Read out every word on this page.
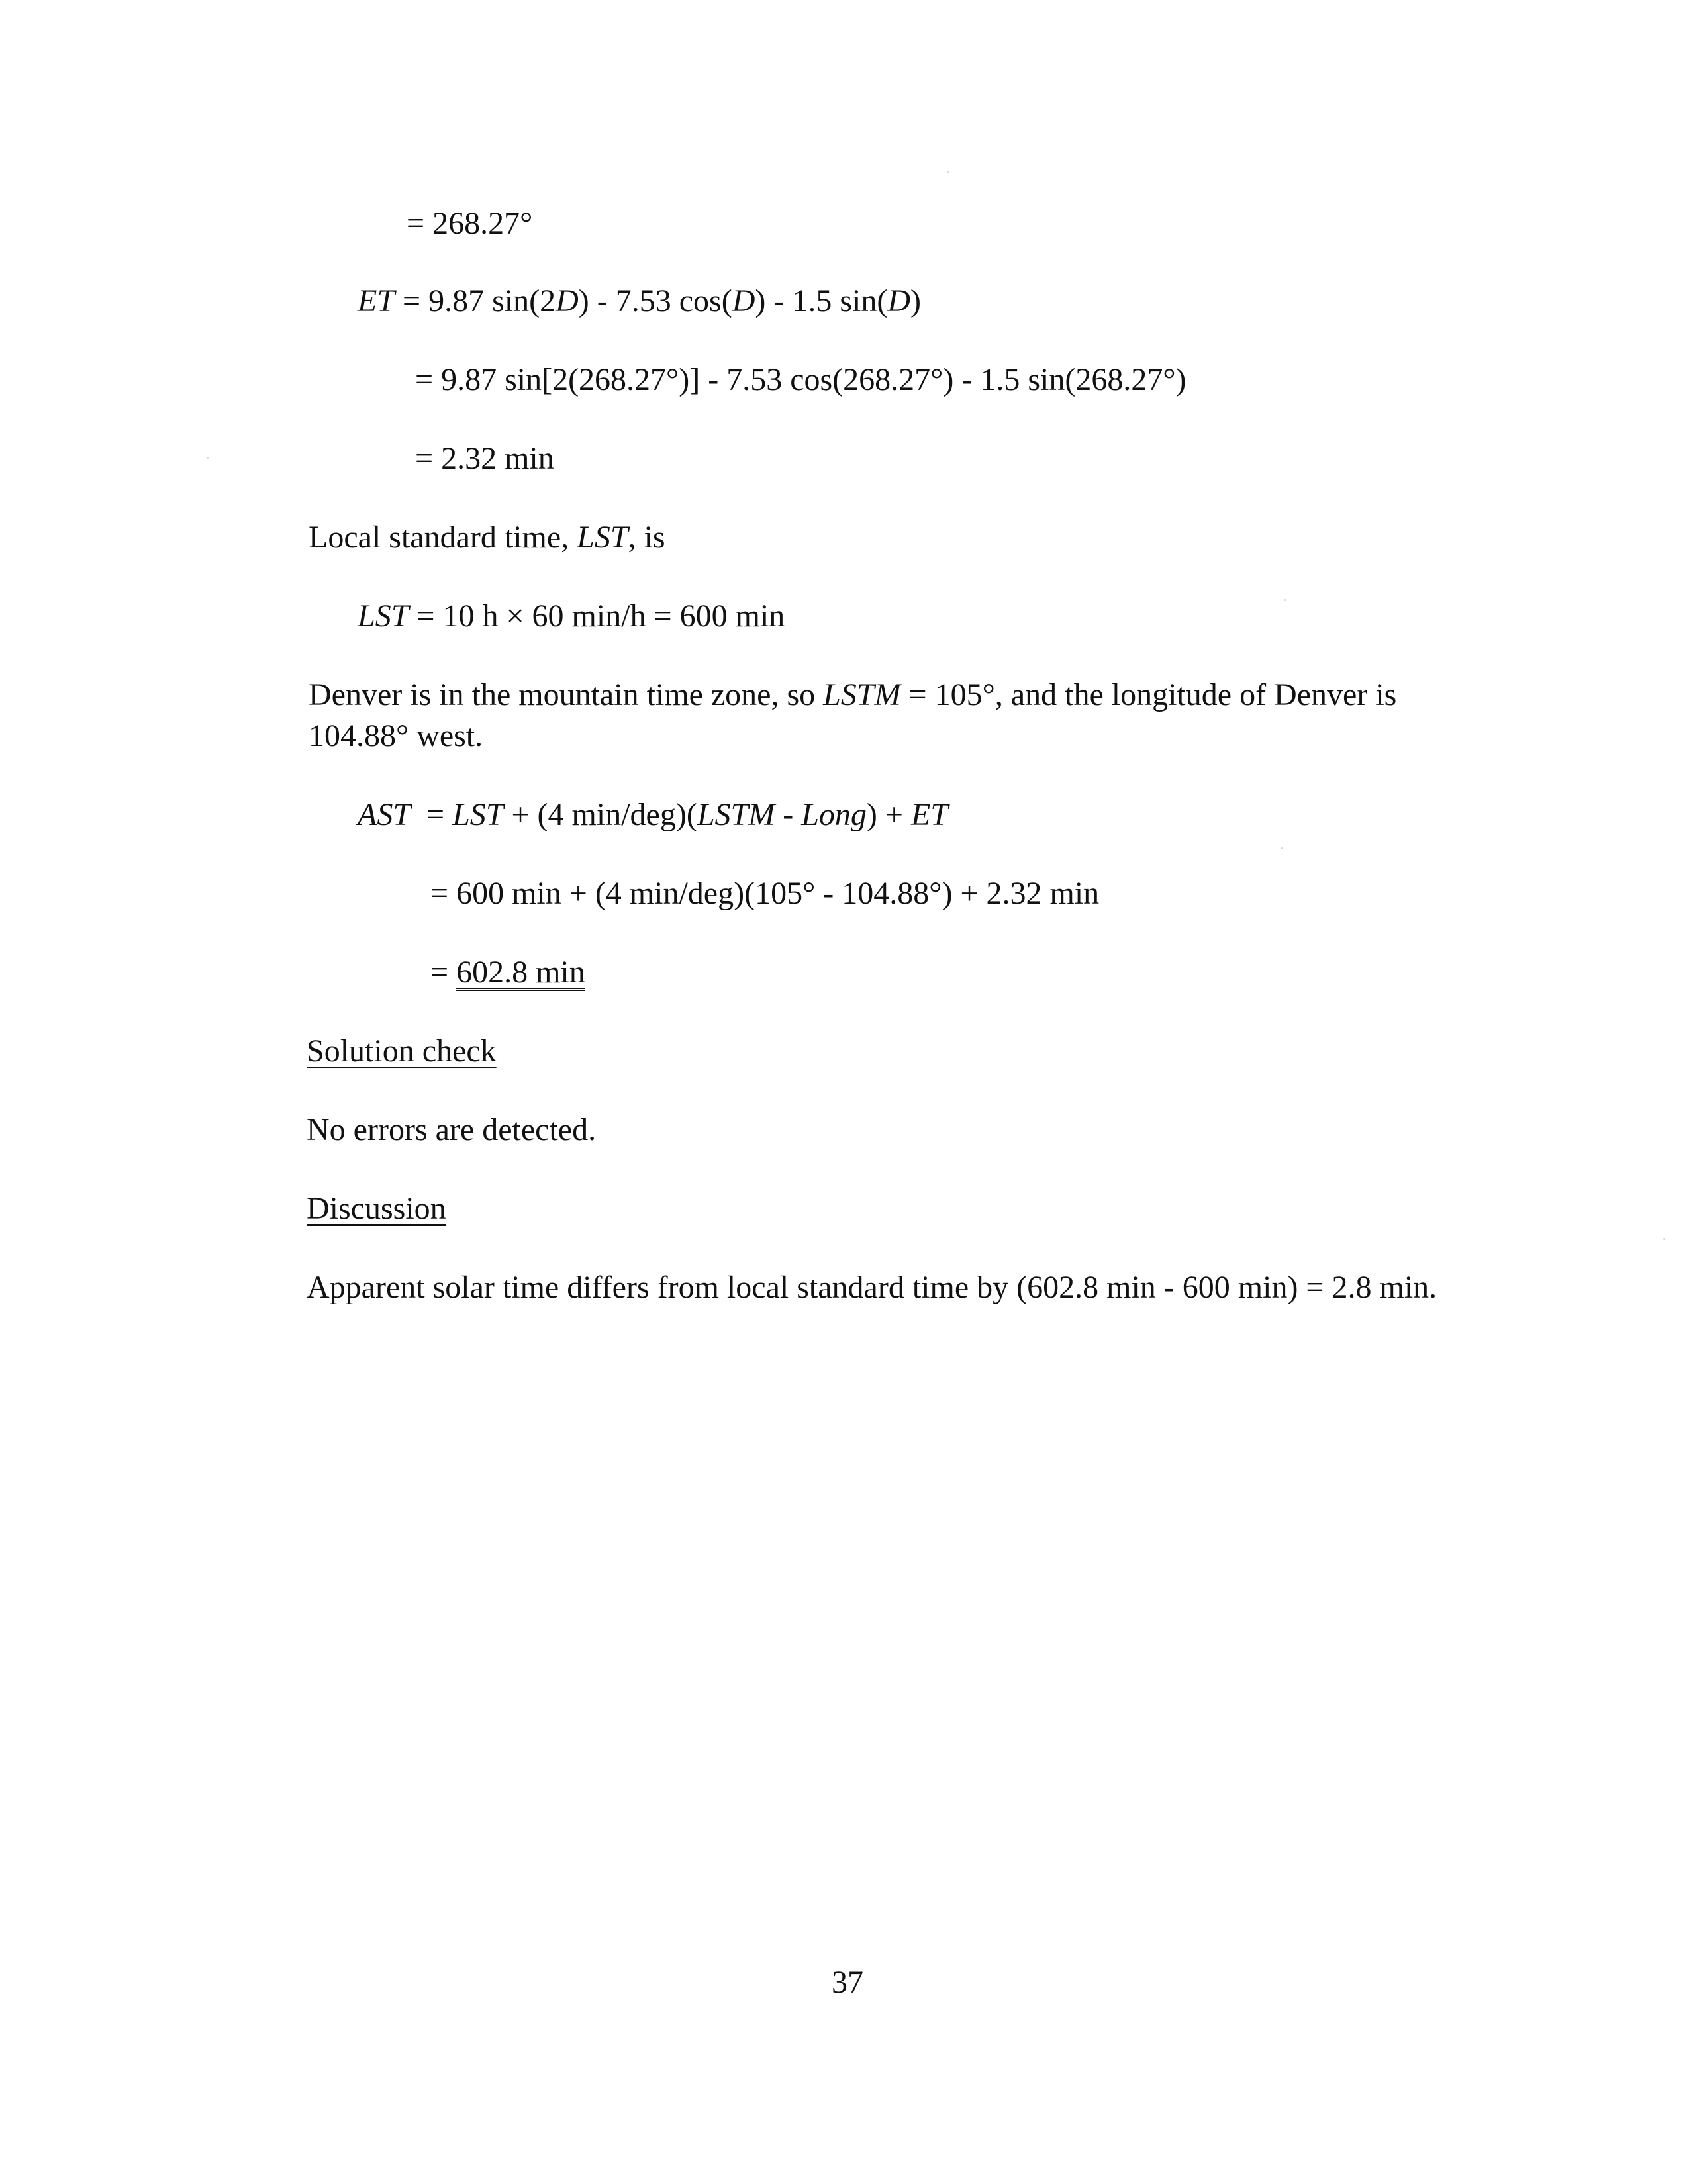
= 268.27°
ET = 9.87 sin(2D) - 7.53 cos(D) - 1.5 sin(D)
= 9.87 sin[2(268.27°)] - 7.53 cos(268.27°) - 1.5 sin(268.27°)
= 2.32 min
Local standard time, LST, is
LST = 10 h × 60 min/h = 600 min
Denver is in the mountain time zone, so LSTM = 105°, and the longitude of Denver is
104.88° west.
AST  = LST + (4 min/deg)(LSTM - Long) + ET
= 600 min + (4 min/deg)(105° - 104.88°) + 2.32 min
= 602.8 min
Solution check
No errors are detected.
Discussion
Apparent solar time differs from local standard time by (602.8 min - 600 min) = 2.8 min.
37
